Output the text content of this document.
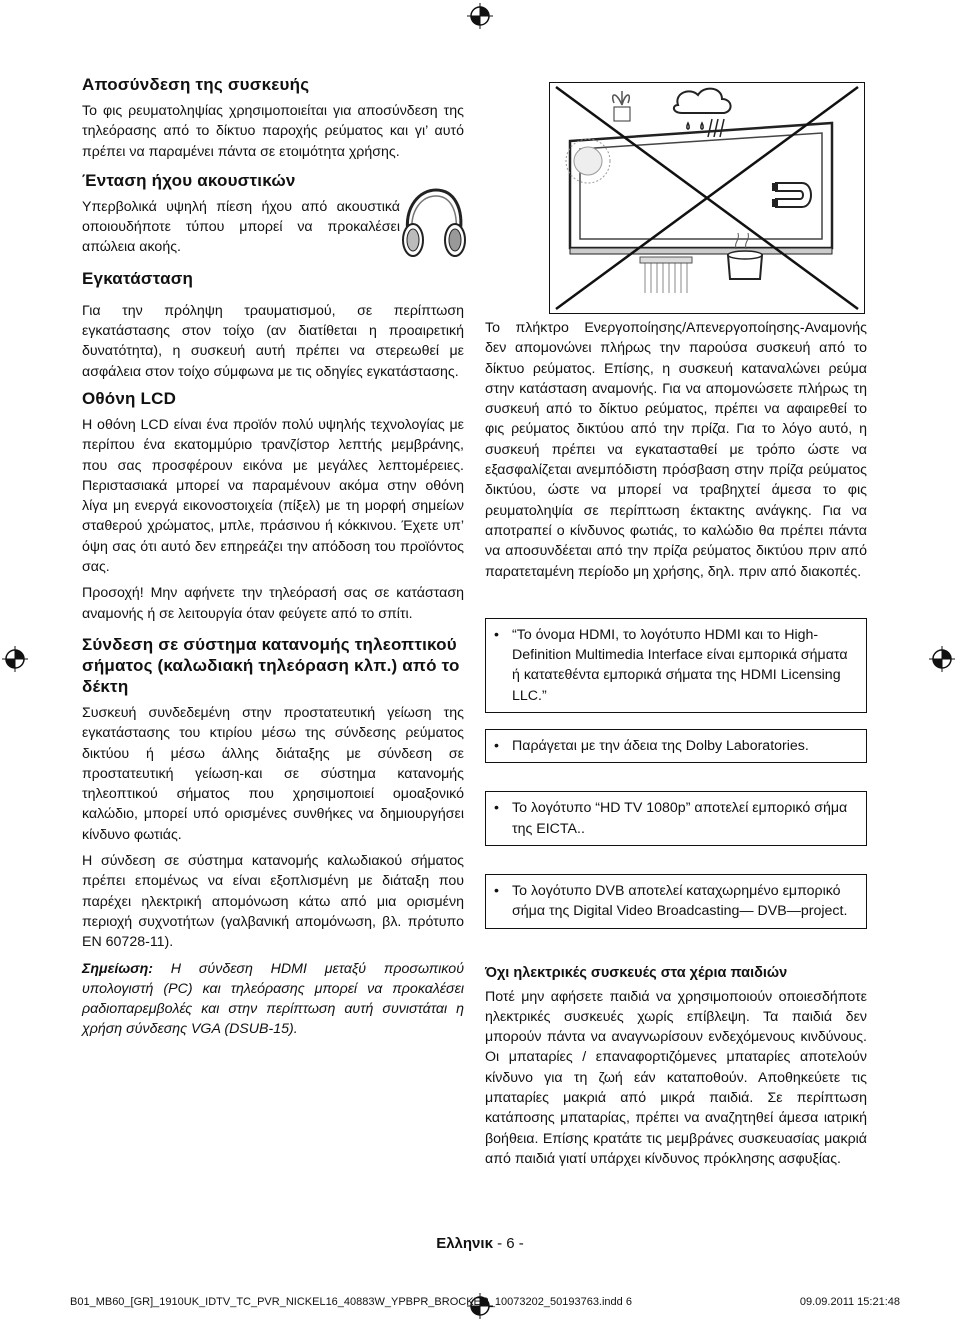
Αποσύνδεση της συσκευής

Το φις ρευματοληψίας χρησιμοποιείται για αποσύνδεση της τηλεόρασης από το δίκτυο παροχής ρεύματος και γι’ αυτό πρέπει να παραμένει πάντα σε ετοιμότητα χρήσης.

Ένταση ήχου ακουστικών

Υπερβολικά υψηλή πίεση ήχου από ακουστικά οποιουδήποτε τύπου μπορεί να προκαλέσει απώλεια ακοής.

Εγκατάσταση

Για την πρόληψη τραυματισμού, σε περίπτωση εγκατάστασης στον τοίχο (αν διατίθεται η προαιρετική δυνατότητα), η συσκευή αυτή πρέπει να στερεωθεί με ασφάλεια στον τοίχο σύμφωνα με τις οδηγίες εγκατάστασης.

Οθόνη LCD

Η οθόνη LCD είναι ένα προϊόν πολύ υψηλής τεχνολογίας με περίπου ένα εκατομμύριο τρανζίστορ λεπτής μεμβράνης, που σας προσφέρουν εικόνα με μεγάλες λεπτομέρειες. Περιστασιακά μπορεί να παραμένουν ακόμα στην οθόνη λίγα μη ενεργά εικονοστοιχεία (πίξελ) με τη μορφή σημείων σταθερού χρώματος, μπλε, πράσινου ή κόκκινου. Έχετε υπ’ όψη σας ότι αυτό δεν επηρεάζει την απόδοση του προϊόντος σας.

Προσοχή! Μην αφήνετε την τηλεόρασή σας σε κατάσταση αναμονής ή σε λειτουργία όταν φεύγετε από το σπίτι.

Σύνδεση σε σύστημα κατανομής τηλεοπτικού σήματος (καλωδιακή τηλεόραση κλπ.) από το δέκτη

Συσκευή συνδεδεμένη στην προστατευτική γείωση της εγκατάστασης του κτιρίου μέσω της σύνδεσης ρεύματος δικτύου ή μέσω άλλης διάταξης με σύνδεση σε προστατευτική γείωση-και σε σύστημα κατανομής τηλεοπτικού σήματος που χρησιμοποιεί ομοαξονικό καλώδιο, μπορεί υπό ορισμένες συνθήκες να δημιουργήσει κίνδυνο φωτιάς.

Η σύνδεση σε σύστημα κατανομής καλωδιακού σήματος πρέπει επομένως να είναι εξοπλισμένη με διάταξη που παρέχει ηλεκτρική απομόνωση κάτω από μια ορισμένη περιοχή συχνοτήτων (γαλβανική απομόνωση, βλ. πρότυπο EN 60728-11).

Σημείωση: Η σύνδεση HDMI μεταξύ προσωπικού υπολογιστή (PC) και τηλεόρασης μπορεί να προκαλέσει ραδιοπαρεμβολές και στην περίπτωση αυτή συνιστάται η χρήση σύνδεσης VGA (DSUB-15).

Το πλήκτρο Ενεργοποίησης/Απενεργοποίησης-Αναμονής δεν απομονώνει πλήρως την παρούσα συσκευή από το δίκτυο ρεύματος. Επίσης, η συσκευή καταναλώνει ρεύμα στην κατάσταση αναμονής. Για να απομονώσετε πλήρως τη συσκευή από το δίκτυο ρεύματος, πρέπει να αφαιρεθεί το φις ρεύματος δικτύου από την πρίζα. Για το λόγο αυτό, η συσκευή πρέπει να εγκατασταθεί με τρόπο ώστε να εξασφαλίζεται ανεμπόδιστη πρόσβαση στην πρίζα ρεύματος δικτύου, ώστε να μπορεί να τραβηχτεί άμεσα το φις ρευματοληψία σε περίπτωση έκτακτης ανάγκης. Για να αποτραπεί ο κίνδυνος φωτιάς, το καλώδιο θα πρέπει πάντα να αποσυνδέεται από την πρίζα ρεύματος δικτύου πριν από παρατεταμένη περίοδο μη χρήσης, δηλ. πριν από διακοπές.

• “Το όνομα HDMI, το λογότυπο HDMI και το High-Definition Multimedia Interface είναι εμπορικά σήματα ή κατατεθέντα εμπορικά σήματα της HDMI Licensing LLC.”
• Παράγεται με την άδεια της Dolby Laboratories.
• Το λογότυπο “HD TV 1080p” αποτελεί εμπορικό σήμα της EICTA..
• Το λογότυπο DVB αποτελεί καταχωρημένο εμπορικό σήμα της Digital Video Broadcasting— DVB—project.
Όχι ηλεκτρικές συσκευές στα χέρια παιδιών

Ποτέ μην αφήσετε παιδιά να χρησιμοποιούν οποιεσδήποτε ηλεκτρικές συσκευές χωρίς επίβλεψη. Τα παιδιά δεν μπορούν πάντα να αναγνωρίσουν ενδεχόμενους κινδύνους. Οι μπαταρίες / επαναφορτιζόμενες μπαταρίες αποτελούν κίνδυνο για τη ζωή εάν καταποθούν. Αποθηκεύετε τις μπαταρίες μακριά από μικρά παιδιά. Σε περίπτωση κατάποσης μπαταρίας, πρέπει να αναζητηθεί άμεσα ιατρική βοήθεια. Επίσης κρατάτε τις μεμβράνες συσκευασίας μακριά από παιδιά γιατί υπάρχει κίνδυνος πρόκλησης ασφυξίας.

Ελληνικ - 6 -
B01_MB60_[GR]_1910UK_IDTV_TC_PVR_NICKEL16_40883W_YPBPR_BROCKER_10073202_50193763.indd 6	09.09.2011 15:21:48
